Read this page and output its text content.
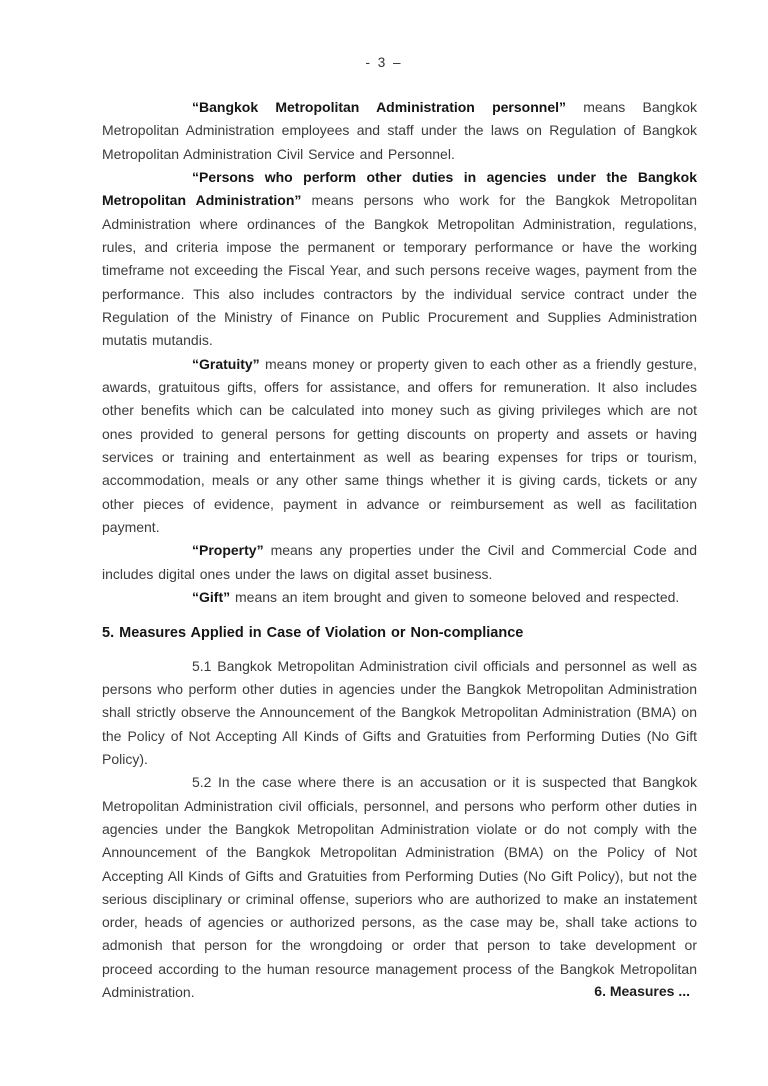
- 3 –

“Bangkok Metropolitan Administration personnel” means Bangkok Metropolitan Administration employees and staff under the laws on Regulation of Bangkok Metropolitan Administration Civil Service and Personnel.

“Persons who perform other duties in agencies under the Bangkok Metropolitan Administration” means persons who work for the Bangkok Metropolitan Administration where ordinances of the Bangkok Metropolitan Administration, regulations, rules, and criteria impose the permanent or temporary performance or have the working timeframe not exceeding the Fiscal Year, and such persons receive wages, payment from the performance. This also includes contractors by the individual service contract under the Regulation of the Ministry of Finance on Public Procurement and Supplies Administration mutatis mutandis.

“Gratuity” means money or property given to each other as a friendly gesture, awards, gratuitous gifts, offers for assistance, and offers for remuneration. It also includes other benefits which can be calculated into money such as giving privileges which are not ones provided to general persons for getting discounts on property and assets or having services or training and entertainment as well as bearing expenses for trips or tourism, accommodation, meals or any other same things whether it is giving cards, tickets or any other pieces of evidence, payment in advance or reimbursement as well as facilitation payment.

“Property” means any properties under the Civil and Commercial Code and includes digital ones under the laws on digital asset business.

“Gift” means an item brought and given to someone beloved and respected.

5. Measures Applied in Case of Violation or Non-compliance

5.1 Bangkok Metropolitan Administration civil officials and personnel as well as persons who perform other duties in agencies under the Bangkok Metropolitan Administration shall strictly observe the Announcement of the Bangkok Metropolitan Administration (BMA) on the Policy of Not Accepting All Kinds of Gifts and Gratuities from Performing Duties (No Gift Policy).

5.2 In the case where there is an accusation or it is suspected that Bangkok Metropolitan Administration civil officials, personnel, and persons who perform other duties in agencies under the Bangkok Metropolitan Administration violate or do not comply with the Announcement of the Bangkok Metropolitan Administration (BMA) on the Policy of Not Accepting All Kinds of Gifts and Gratuities from Performing Duties (No Gift Policy), but not the serious disciplinary or criminal offense, superiors who are authorized to make an instatement order, heads of agencies or authorized persons, as the case may be, shall take actions to admonish that person for the wrongdoing or order that person to take development or proceed according to the human resource management process of the Bangkok Metropolitan Administration.	6. Measures ...
